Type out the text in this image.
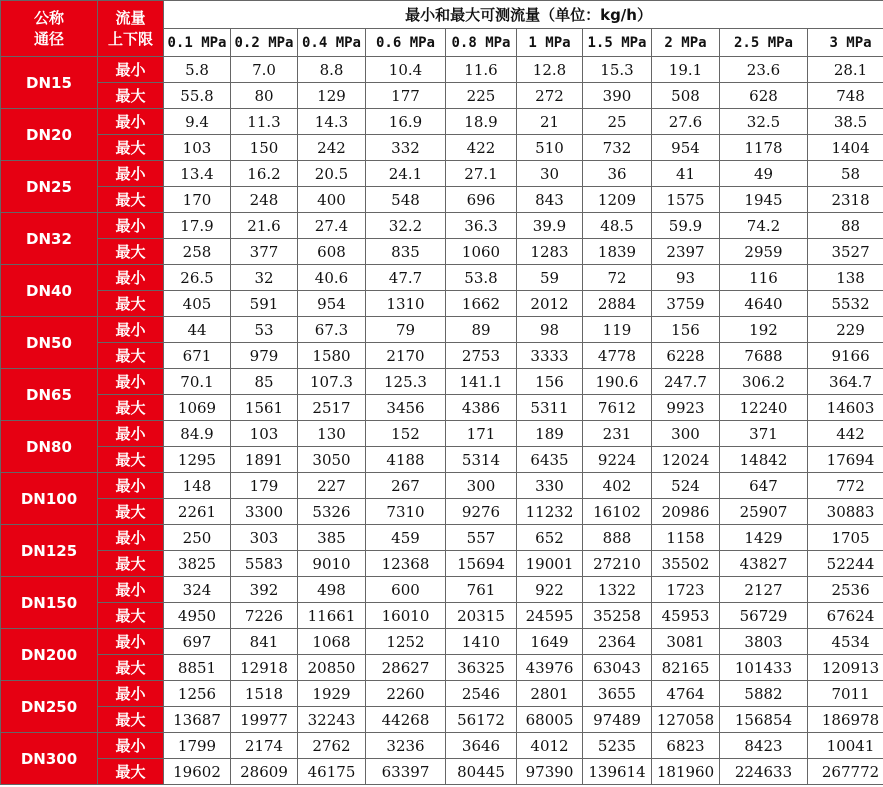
公称
通径	流量
上下限	最小和最大可测流量（单位：kg/h）									
		0.1 MPa	0.2 MPa	0.4 MPa	0.6 MPa	0.8 MPa	1 MPa	1.5 MPa	2 MPa	2.5 MPa	3 MPa
DN15	最小	5.8	7.0	8.8	10.4	11.6	12.8	15.3	19.1	23.6	28.1
	最大	55.8	80	129	177	225	272	390	508	628	748
DN20	最小	9.4	11.3	14.3	16.9	18.9	21	25	27.6	32.5	38.5
	最大	103	150	242	332	422	510	732	954	1178	1404
DN25	最小	13.4	16.2	20.5	24.1	27.1	30	36	41	49	58
	最大	170	248	400	548	696	843	1209	1575	1945	2318
DN32	最小	17.9	21.6	27.4	32.2	36.3	39.9	48.5	59.9	74.2	88
	最大	258	377	608	835	1060	1283	1839	2397	2959	3527
DN40	最小	26.5	32	40.6	47.7	53.8	59	72	93	116	138
	最大	405	591	954	1310	1662	2012	2884	3759	4640	5532
DN50	最小	44	53	67.3	79	89	98	119	156	192	229
	最大	671	979	1580	2170	2753	3333	4778	6228	7688	9166
DN65	最小	70.1	85	107.3	125.3	141.1	156	190.6	247.7	306.2	364.7
	最大	1069	1561	2517	3456	4386	5311	7612	9923	12240	14603
DN80	最小	84.9	103	130	152	171	189	231	300	371	442
	最大	1295	1891	3050	4188	5314	6435	9224	12024	14842	17694
DN100	最小	148	179	227	267	300	330	402	524	647	772
	最大	2261	3300	5326	7310	9276	11232	16102	20986	25907	30883
DN125	最小	250	303	385	459	557	652	888	1158	1429	1705
	最大	3825	5583	9010	12368	15694	19001	27210	35502	43827	52244
DN150	最小	324	392	498	600	761	922	1322	1723	2127	2536
	最大	4950	7226	11661	16010	20315	24595	35258	45953	56729	67624
DN200	最小	697	841	1068	1252	1410	1649	2364	3081	3803	4534
	最大	8851	12918	20850	28627	36325	43976	63043	82165	101433	120913
DN250	最小	1256	1518	1929	2260	2546	2801	3655	4764	5882	7011
	最大	13687	19977	32243	44268	56172	68005	97489	127058	156854	186978
DN300	最小	1799	2174	2762	3236	3646	4012	5235	6823	8423	10041
	最大	19602	28609	46175	63397	80445	97390	139614	181960	224633	267772
